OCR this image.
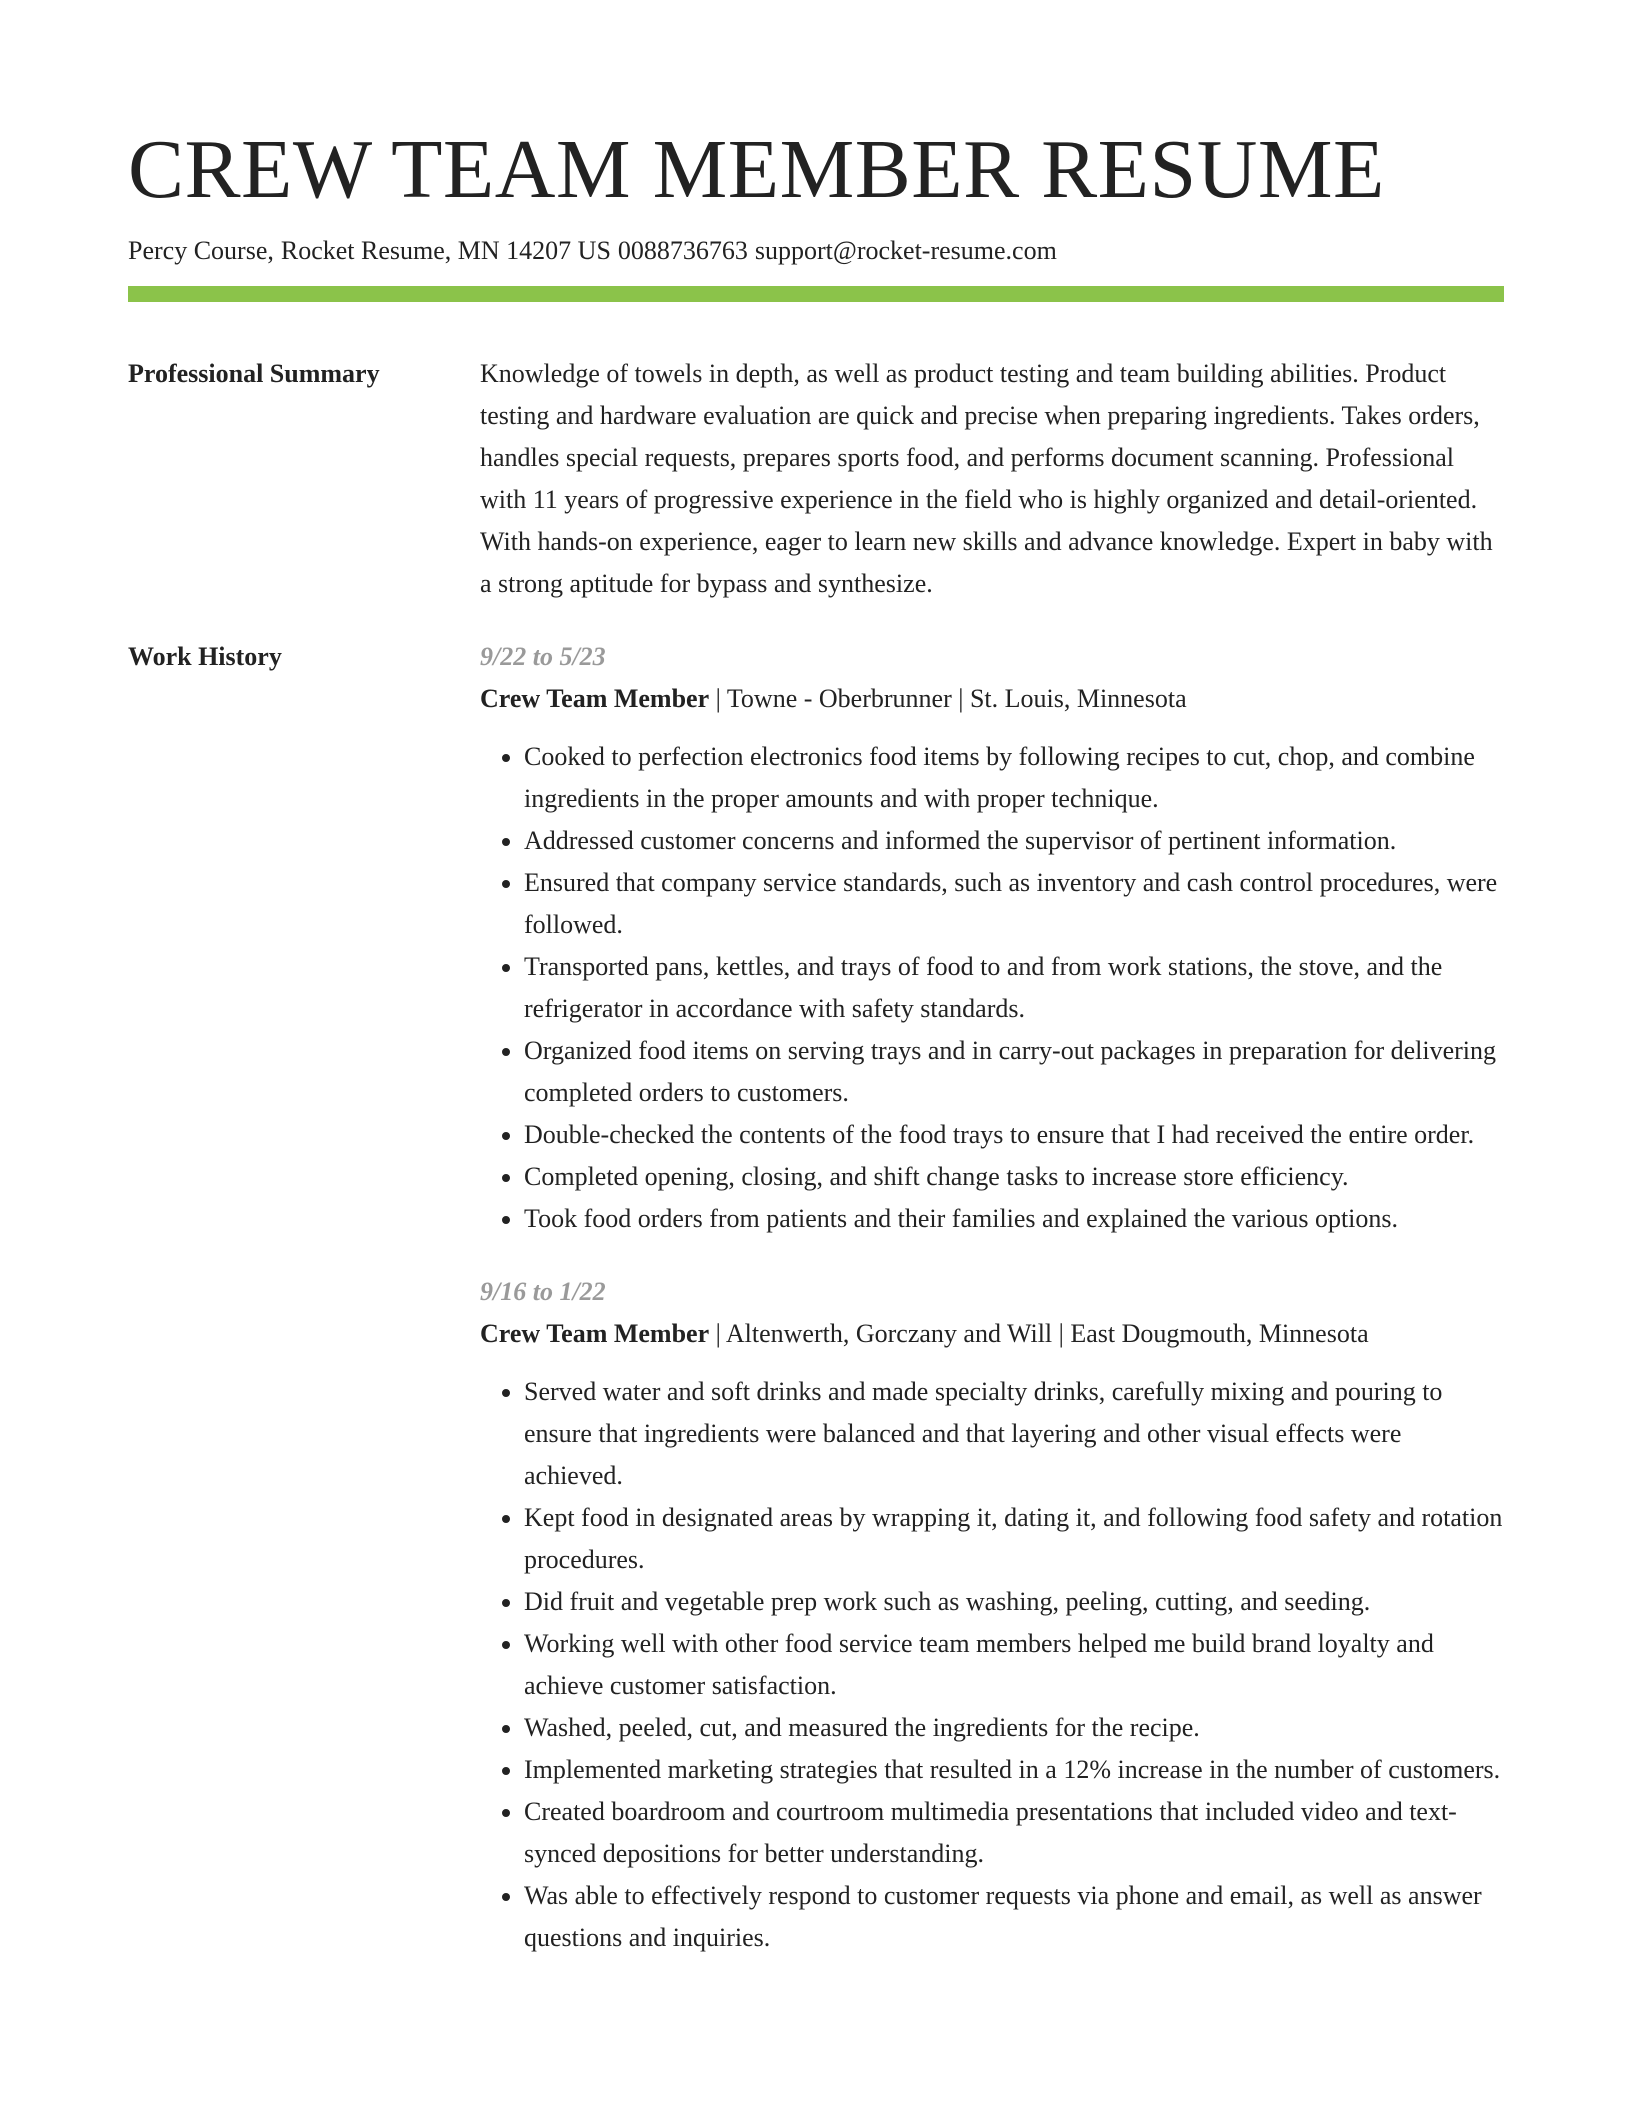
CREW TEAM MEMBER RESUME
Percy Course, Rocket Resume, MN 14207 US 0088736763 support@rocket-resume.com
Professional Summary	Knowledge of towels in depth, as well as product testing and team building abilities. Product testing and hardware evaluation are quick and precise when preparing ingredients. Takes orders, handles special requests, prepares sports food, and performs document scanning. Professional with 11 years of progressive experience in the field who is highly organized and detail-oriented. With hands-on experience, eager to learn new skills and advance knowledge. Expert in baby with a strong aptitude for bypass and synthesize.

Work History	9/22 to 5/23
Crew Team Member | Towne - Oberbrunner | St. Louis, Minnesota
• Cooked to perfection electronics food items by following recipes to cut, chop, and combine ingredients in the proper amounts and with proper technique.
• Addressed customer concerns and informed the supervisor of pertinent information.
• Ensured that company service standards, such as inventory and cash control procedures, were followed.
• Transported pans, kettles, and trays of food to and from work stations, the stove, and the refrigerator in accordance with safety standards.
• Organized food items on serving trays and in carry-out packages in preparation for delivering completed orders to customers.
• Double-checked the contents of the food trays to ensure that I had received the entire order.
• Completed opening, closing, and shift change tasks to increase store efficiency.
• Took food orders from patients and their families and explained the various options.
9/16 to 1/22
Crew Team Member | Altenwerth, Gorczany and Will | East Dougmouth, Minnesota
• Served water and soft drinks and made specialty drinks, carefully mixing and pouring to ensure that ingredients were balanced and that layering and other visual effects were achieved.
• Kept food in designated areas by wrapping it, dating it, and following food safety and rotation procedures.
• Did fruit and vegetable prep work such as washing, peeling, cutting, and seeding.
• Working well with other food service team members helped me build brand loyalty and achieve customer satisfaction.
• Washed, peeled, cut, and measured the ingredients for the recipe.
• Implemented marketing strategies that resulted in a 12% increase in the number of customers.
• Created boardroom and courtroom multimedia presentations that included video and text-synced depositions for better understanding.
• Was able to effectively respond to customer requests via phone and email, as well as answer questions and inquiries.
